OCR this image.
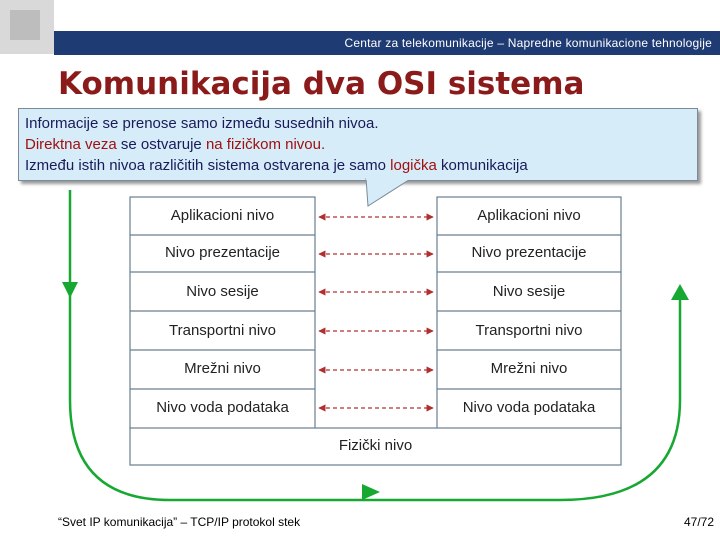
Centar za telekomunikacije – Napredne komunikacione tehnologije
Komunikacija dva OSI sistema
Informacije se prenose samo između susednih nivoa.
Direktna veza se ostvaruje na fizičkom nivou.
Između istih nivoa različitih sistema ostvarena je samo logička komunikacija
Aplikacioni nivo
Nivo prezentacije
Nivo sesije
Transportni nivo
Mrežni nivo
Nivo voda podataka
Aplikacioni nivo
Nivo prezentacije
Nivo sesije
Transportni nivo
Mrežni nivo
Nivo voda podataka
Fizički nivo
“Svet IP komunikacija” – TCP/IP protokol stek	47/72
